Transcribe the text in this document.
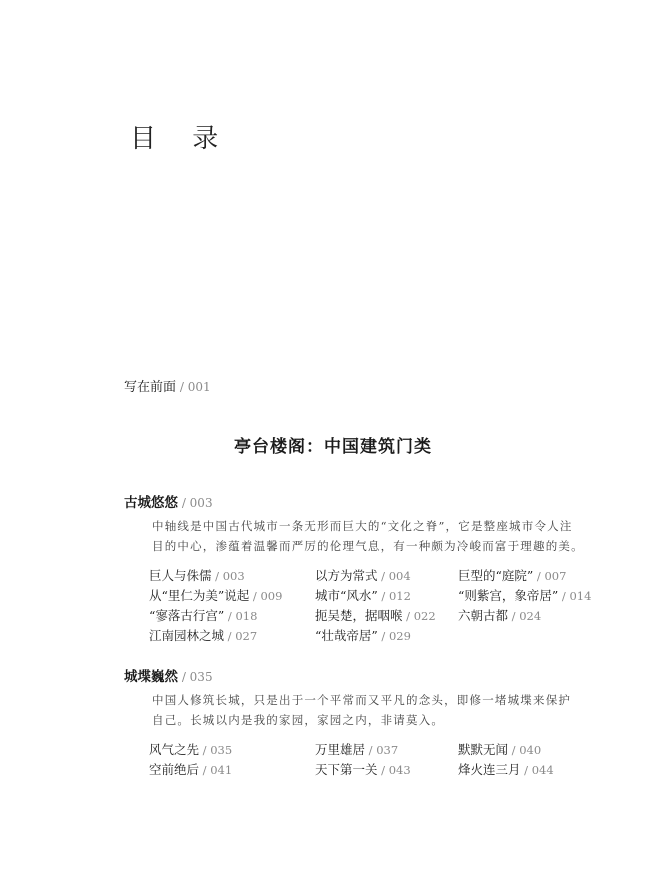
目 录
写在前面 / 001
亭台楼阁：中国建筑门类
古城悠悠 / 003
中轴线是中国古代城市一条无形而巨大的“文化之脊”，它是整座城市令人注
目的中心，渗蕴着温馨而严厉的伦理气息，有一种颇为冷峻而富于理趣的美。
巨人与侏儒 / 003	以方为常式 / 004	巨型的“庭院” / 007
从“里仁为美”说起 / 009	城市“风水” / 012	“则紫宫，象帝居” / 014
“寥落古行宫” / 018	扼吴楚，据咽喉 / 022 六朝古都 / 024
江南园林之城 / 027	“壮哉帝居” / 029
城堞巍然 / 035
中国人修筑长城，只是出于一个平常而又平凡的念头，即修一堵城堞来保护
自己。长城以内是我的家园，家园之内，非请莫入。
风气之先 / 035	万里雄居 / 037	默默无闻 / 040
空前绝后 / 041	天下第一关 / 043	烽火连三月 / 044
